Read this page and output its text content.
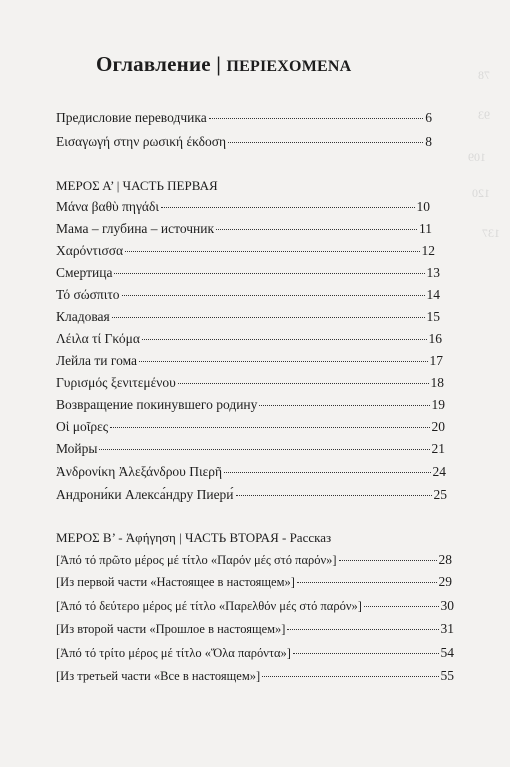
78
93
109
120
137
Оглавление | ΠΕΡΙΕΧΟΜΕΝΑ
Предисловие переводчика	6
Εισαγωγή στην ρωσική έκδοση	8
ΜΕΡΟΣ Α’ | ЧАСТЬ ПЕРВАЯ
Μάνα βαθὺ πηγάδι	10
Мама – глубина – источник	11
Χαρόντισσα	12
Смертица	13
Τό σώσπιτο	14
Кладовая	15
Λέιλα τί Γκόμα	16
Лейла ти гома	17
Γυρισμός ξενιτεμένου	18
Возвращение покинувшего родину	19
Οἱ μοῖρες	20
Мойры	21
Ἀνδρονίκη Ἀλεξάνδρου Πιερῆ	24
Андрони́ки Алекса́ндру Пиери́	25
ΜΕΡΟΣ Β’ - Ἀφήγηση | ЧАСТЬ ВТОРАЯ - Рассказ
[Ἀπό τό πρῶτο μέρος μέ τίτλο «Παρόν μές στό παρόν»]	28
[Из первой части «Настоящее в настоящем»]	29
[Ἀπό τό δεύτερο μέρος μέ τίτλο «Παρελθόν μές στό παρόν»]	30
[Из второй части «Прошлое в настоящем»]	31
[Ἀπό τό τρίτο μέρος μέ τίτλο «Ὅλα παρόντα»]	54
[Из третьей части «Все в настоящем»]	55
